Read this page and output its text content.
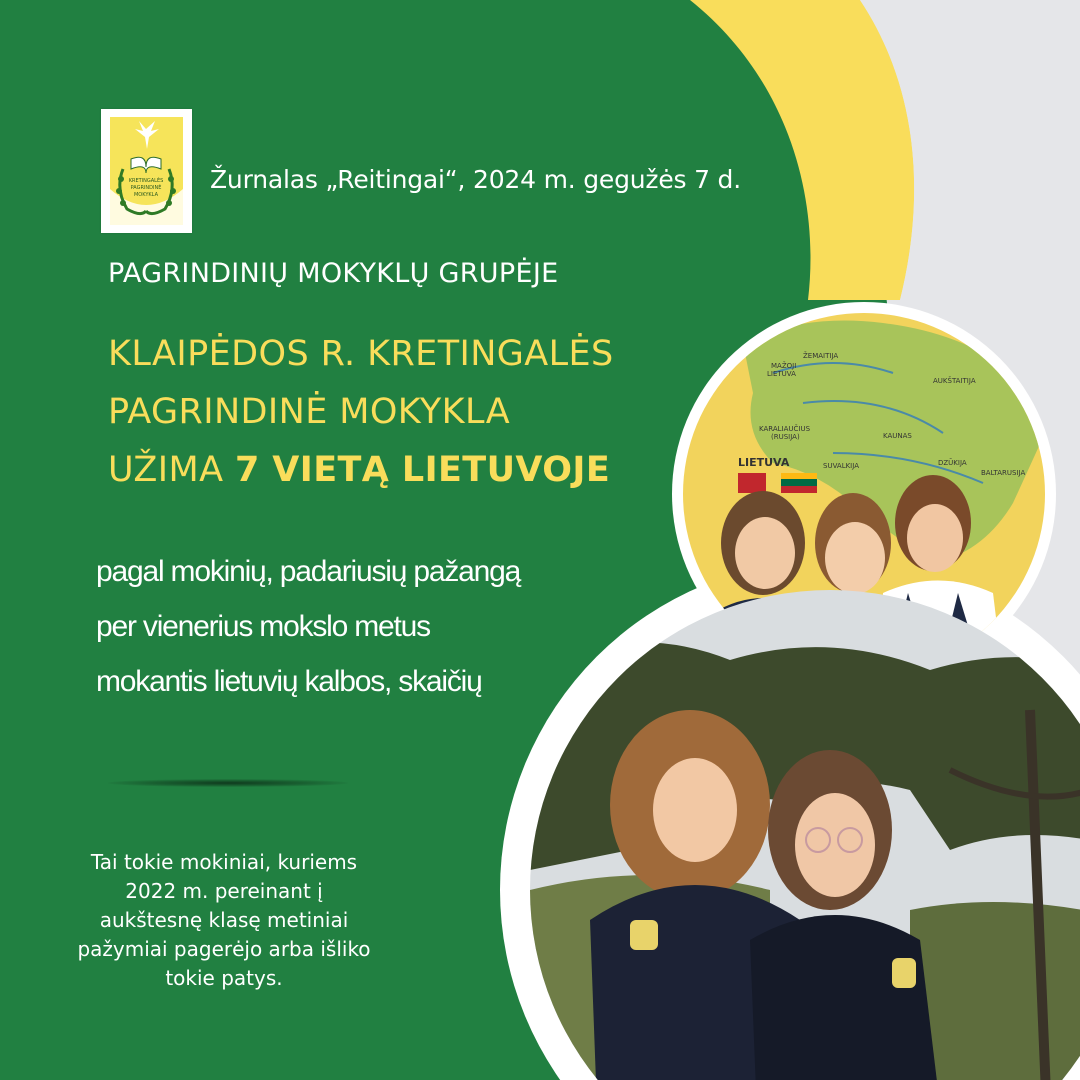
KRETINGALĖS
PAGRINDINĖ
MOKYKLA
Žurnalas „Reitingai“, 2024 m. gegužės 7 d.
PAGRINDINIŲ MOKYKLŲ GRUPĖJE
KLAIPĖDOS R. KRETINGALĖS
PAGRINDINĖ MOKYKLA
UŽIMA 7 VIETĄ LIETUVOJE
pagal mokinių, padariusių pažangą
per vienerius mokslo metus
mokantis lietuvių kalbos, skaičių
Tai tokie mokiniai, kuriems
2022 m. pereinant į
aukštesnę klasę metiniai
pažymiai pagerėjo arba išliko
tokie patys.
ŽEMAITIJA
MAŽOJI
LIETUVA
AUKŠTAITIJA
KARALIAUČIUS
(RUSIJA)	KAUNAS
SUVALKIJA	DZŪKIJA
BALTARUSIJA
LIETUVA
